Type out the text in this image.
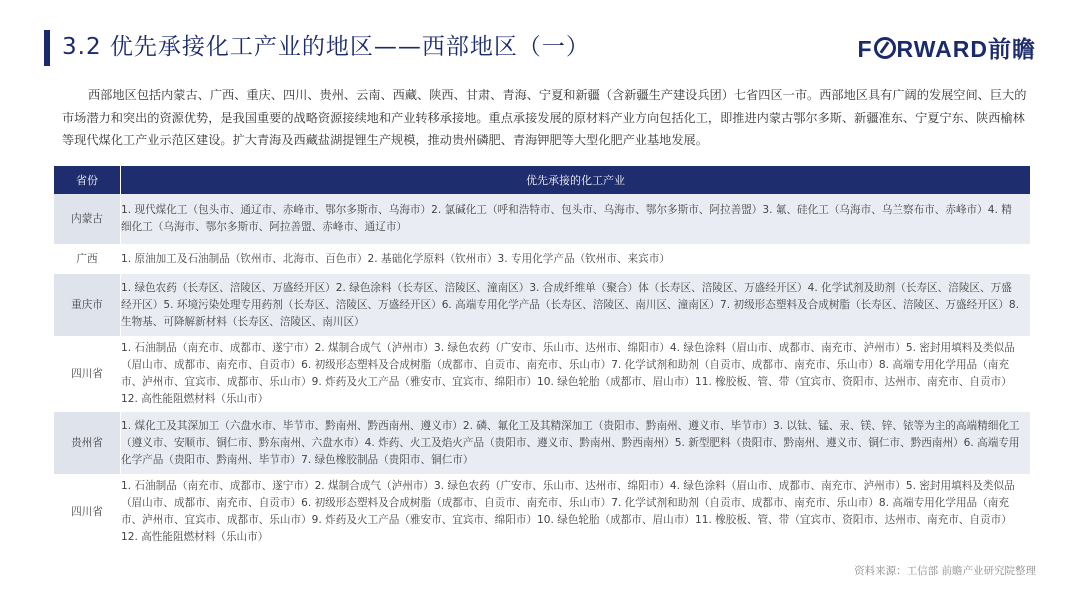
3.2 优先承接化工产业的地区——西部地区（一）	F RWARD前瞻
西部地区包括内蒙古、广西、重庆、四川、贵州、云南、西藏、陕西、甘肃、青海、宁夏和新疆（含新疆生产建设兵团）七省四区一市。西部地区具有广阔的发展空间、巨大的市场潜力和突出的资源优势，是我国重要的战略资源接续地和产业转移承接地。重点承接发展的原材料产业方向包括化工，即推进内蒙古鄂尔多斯、新疆准东、宁夏宁东、陕西榆林等现代煤化工产业示范区建设。扩大青海及西藏盐湖提锂生产规模，推动贵州磷肥、青海钾肥等大型化肥产业基地发展。
省份	优先承接的化工产业
内蒙古	1. 现代煤化工（包头市、通辽市、赤峰市、鄂尔多斯市、乌海市）2. 氯碱化工（呼和浩特市、包头市、乌海市、鄂尔多斯市、阿拉善盟）3. 氟、硅化工（乌海市、乌兰察布市、赤峰市）4. 精细化工（乌海市、鄂尔多斯市、阿拉善盟、赤峰市、通辽市）
广西	1. 原油加工及石油制品（钦州市、北海市、百色市）2. 基础化学原料（钦州市）3. 专用化学产品（钦州市、来宾市）
重庆市	1. 绿色农药（长寿区、涪陵区、万盛经开区）2. 绿色涂料（长寿区、涪陵区、潼南区）3. 合成纤维单（聚合）体（长寿区、涪陵区、万盛经开区）4. 化学试剂及助剂（长寿区、涪陵区、万盛经开区）5. 环境污染处理专用药剂（长寿区、涪陵区、万盛经开区）6. 高端专用化学产品（长寿区、涪陵区、南川区、潼南区）7. 初级形态塑料及合成树脂（长寿区、涪陵区、万盛经开区）8. 生物基、可降解新材料（长寿区、涪陵区、南川区）
四川省	1. 石油制品（南充市、成都市、遂宁市）2. 煤制合成气（泸州市）3. 绿色农药（广安市、乐山市、达州市、绵阳市）4. 绿色涂料（眉山市、成都市、南充市、泸州市）5. 密封用填料及类似品（眉山市、成都市、南充市、自贡市）6. 初级形态塑料及合成树脂（成都市、自贡市、南充市、乐山市）7. 化学试剂和助剂（自贡市、成都市、南充市、乐山市）8. 高端专用化学用品（南充市、泸州市、宜宾市、成都市、乐山市）9. 炸药及火工产品（雅安市、宜宾市、绵阳市）10. 绿色轮胎（成都市、眉山市）11. 橡胶板、管、带（宜宾市、资阳市、达州市、南充市、自贡市）12. 高性能阻燃材料（乐山市）
贵州省	1. 煤化工及其深加工（六盘水市、毕节市、黔南州、黔西南州、遵义市）2. 磷、氟化工及其精深加工（贵阳市、黔南州、遵义市、毕节市）3. 以钛、锰、汞、镁、锌、铱等为主的高端精细化工（遵义市、安顺市、铜仁市、黔东南州、六盘水市）4. 炸药、火工及焰火产品（贵阳市、遵义市、黔南州、黔西南州）5. 新型肥料（贵阳市、黔南州、遵义市、铜仁市、黔西南州）6. 高端专用化学产品（贵阳市、黔南州、毕节市）7. 绿色橡胶制品（贵阳市、铜仁市）
四川省	1. 石油制品（南充市、成都市、遂宁市）2. 煤制合成气（泸州市）3. 绿色农药（广安市、乐山市、达州市、绵阳市）4. 绿色涂料（眉山市、成都市、南充市、泸州市）5. 密封用填料及类似品（眉山市、成都市、南充市、自贡市）6. 初级形态塑料及合成树脂（成都市、自贡市、南充市、乐山市）7. 化学试剂和助剂（自贡市、成都市、南充市、乐山市）8. 高端专用化学用品（南充市、泸州市、宜宾市、成都市、乐山市）9. 炸药及火工产品（雅安市、宜宾市、绵阳市）10. 绿色轮胎（成都市、眉山市）11. 橡胶板、管、带（宜宾市、资阳市、达州市、南充市、自贡市）12. 高性能阻燃材料（乐山市）
资料来源：工信部 前瞻产业研究院整理
